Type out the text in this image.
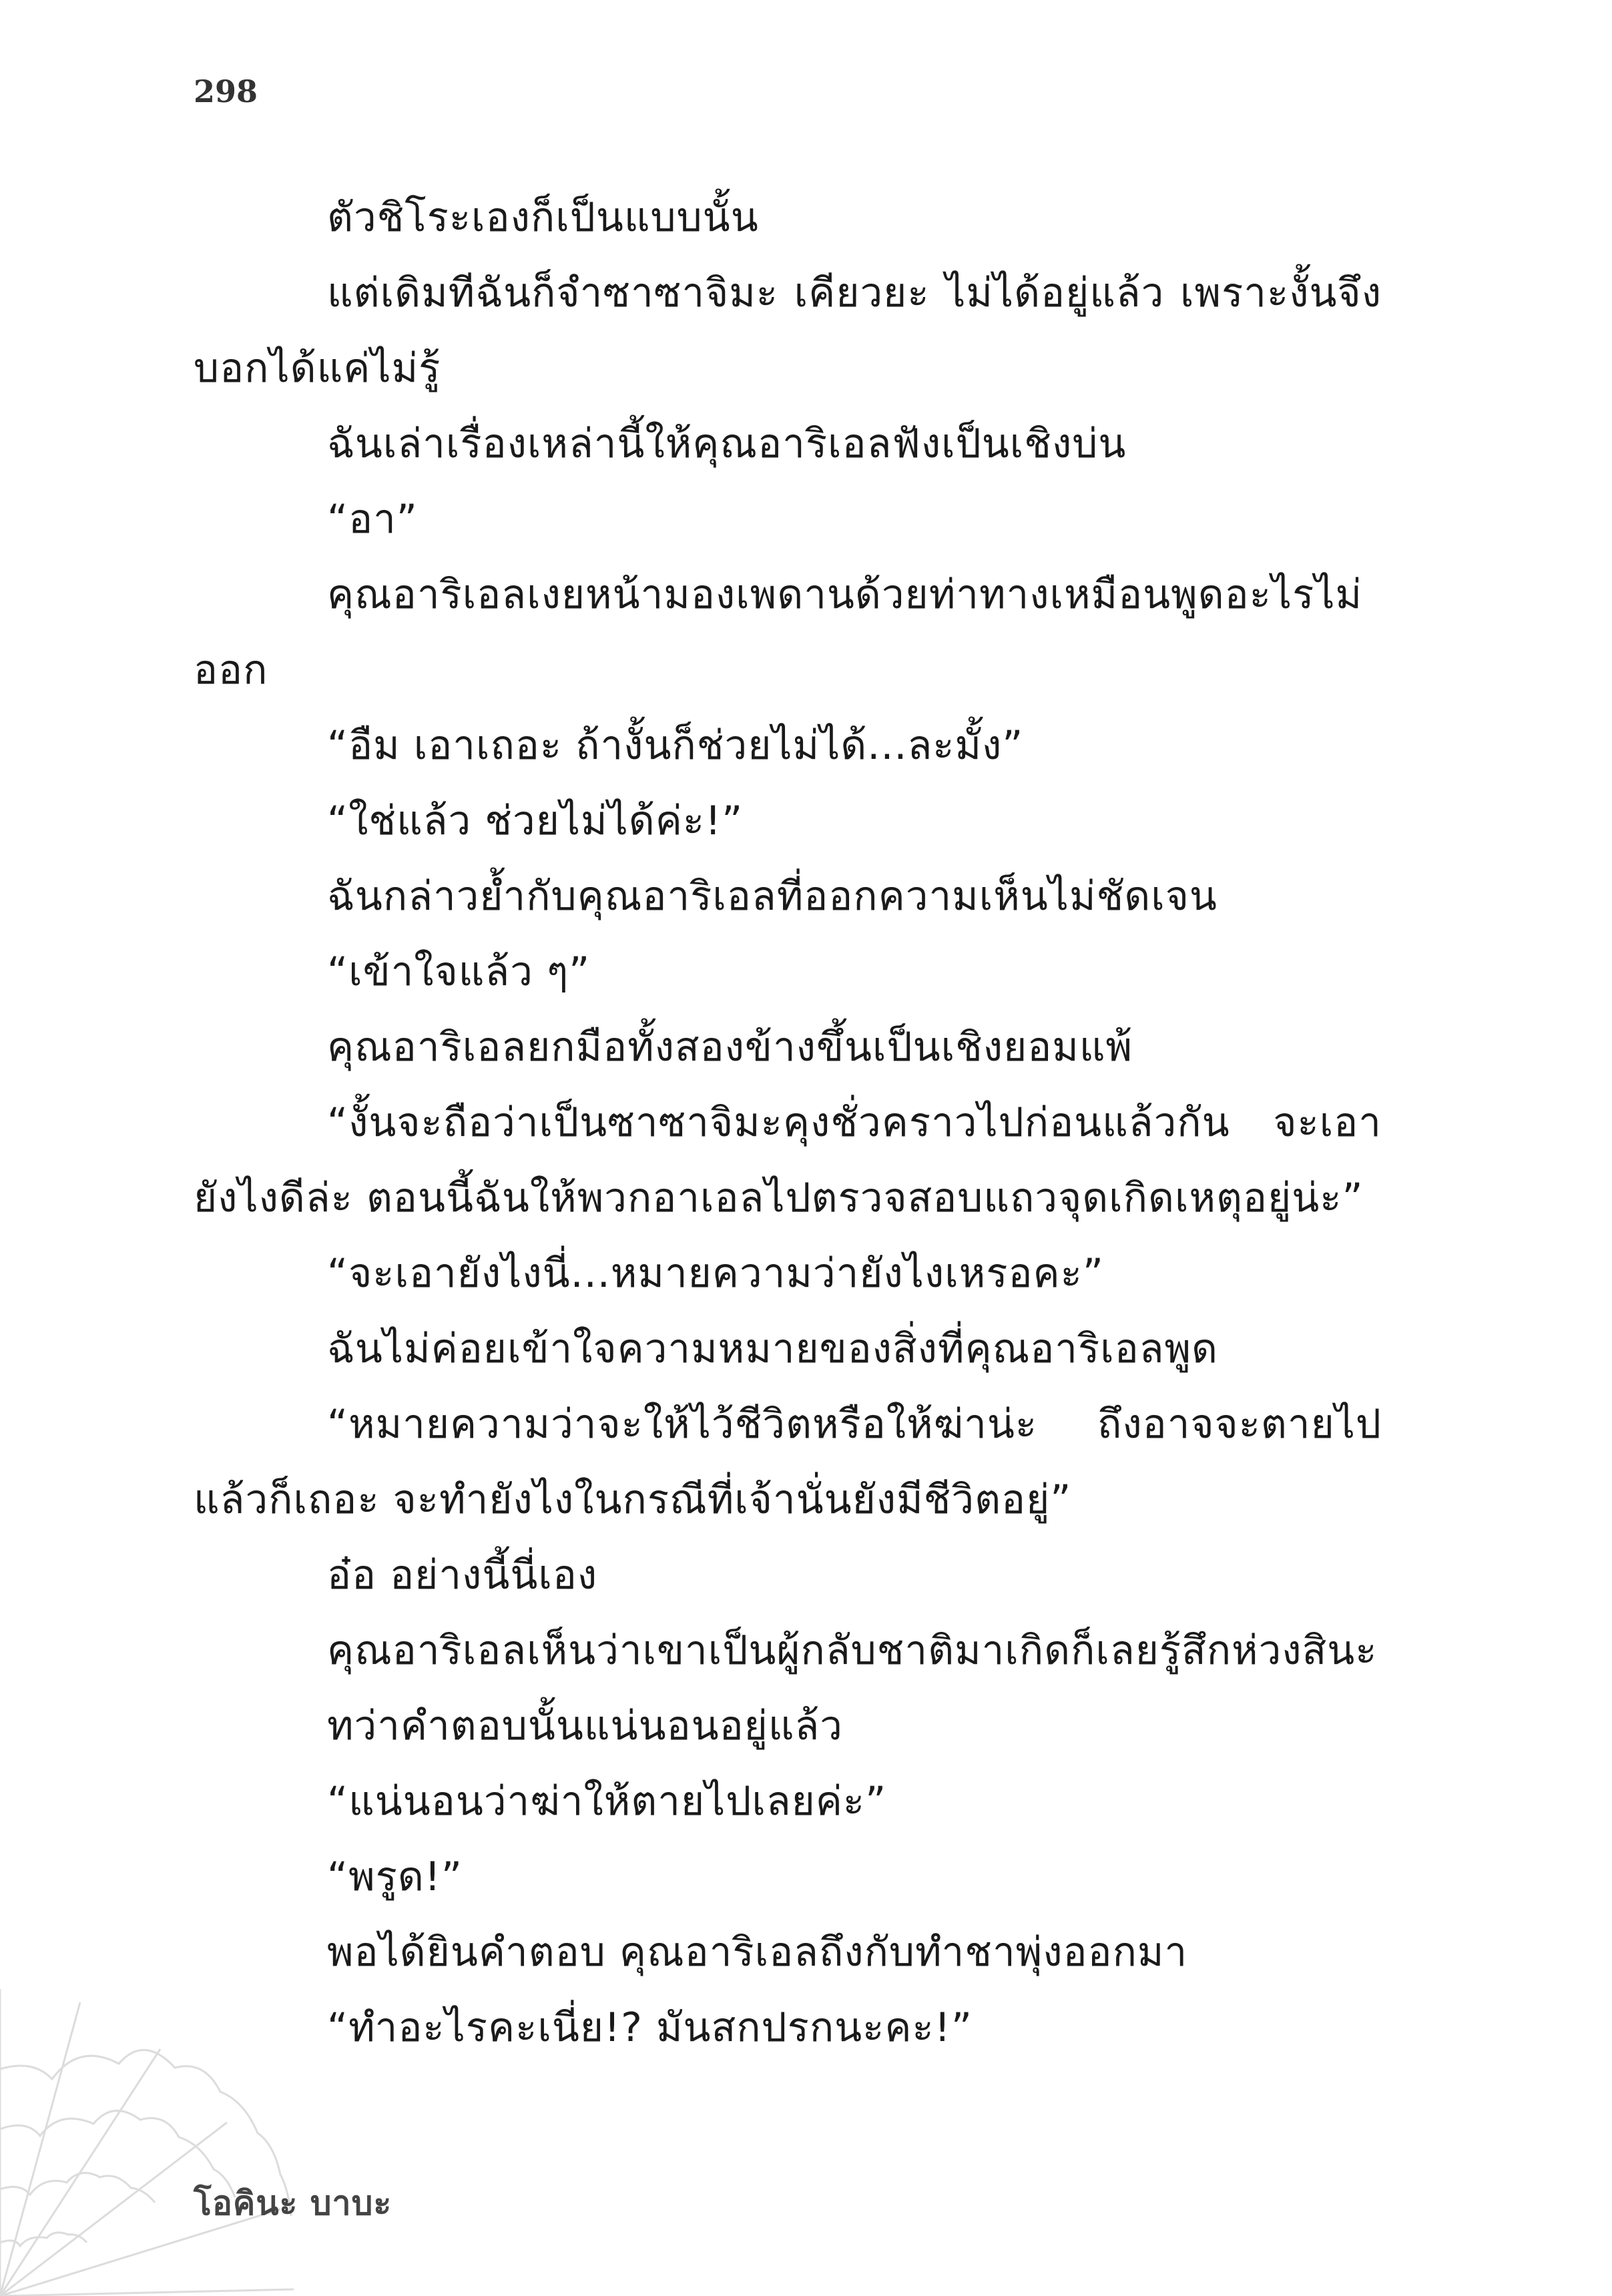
298

ตัวชิโระเองก็เป็นแบบนั้น

แต่เดิมทีฉันก็จำซาซาจิมะ เคียวยะ ไม่ได้อยู่แล้ว เพราะงั้นจึงบอกได้แค่ไม่รู้

ฉันเล่าเรื่องเหล่านี้ให้คุณอาริเอลฟังเป็นเชิงบ่น

“อา”

คุณอาริเอลเงยหน้ามองเพดานด้วยท่าทางเหมือนพูดอะไรไม่ออก

“อืม เอาเถอะ ถ้างั้นก็ช่วยไม่ได้...ละมั้ง”

“ใช่แล้ว ช่วยไม่ได้ค่ะ!”

ฉันกล่าวย้ำกับคุณอาริเอลที่ออกความเห็นไม่ชัดเจน

“เข้าใจแล้ว ๆ”

คุณอาริเอลยกมือทั้งสองข้างขึ้นเป็นเชิงยอมแพ้

“งั้นจะถือว่าเป็นซาซาจิมะคุงชั่วคราวไปก่อนแล้วกัน จะเอายังไงดีล่ะ ตอนนี้ฉันให้พวกอาเอลไปตรวจสอบแถวจุดเกิดเหตุอยู่น่ะ”

“จะเอายังไงนี่...หมายความว่ายังไงเหรอคะ”

ฉันไม่ค่อยเข้าใจความหมายของสิ่งที่คุณอาริเอลพูด

“หมายความว่าจะให้ไว้ชีวิตหรือให้ฆ่าน่ะ ถึงอาจจะตายไปแล้วก็เถอะ จะทำยังไงในกรณีที่เจ้านั่นยังมีชีวิตอยู่”

อ๋อ อย่างนี้นี่เอง

คุณอาริเอลเห็นว่าเขาเป็นผู้กลับชาติมาเกิดก็เลยรู้สึกห่วงสินะ

ทว่าคำตอบนั้นแน่นอนอยู่แล้ว

“แน่นอนว่าฆ่าให้ตายไปเลยค่ะ”

“พรูด!”

พอได้ยินคำตอบ คุณอาริเอลถึงกับทำชาพุ่งออกมา

“ทำอะไรคะเนี่ย!? มันสกปรกนะคะ!”

โอคินะ บาบะ
